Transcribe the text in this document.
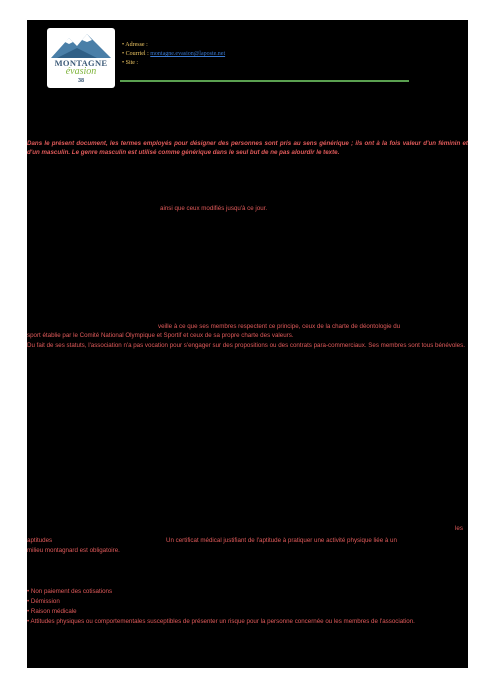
MONTAGNE
évasion
38
• Adresse :
• Courriel : montagne.evasion@laposte.net
• Site :
Dans le présent document, les termes employés pour désigner des personnes sont pris au sens générique ; ils ont à la fois valeur d'un féminin et d'un masculin. Le genre masculin est utilisé comme générique dans le seul but de ne pas alourdir le texte.
ainsi que ceux modifiés jusqu'à ce jour.
veille à ce que ses membres respectent ce principe, ceux de la charte de déontologie du
sport établie par le Comité National Olympique et Sportif et ceux de sa propre charte des valeurs.
Du fait de ses statuts, l'association n'a pas vocation pour s'engager sur des propositions ou des contrats para-commerciaux. Ses membres sont tous bénévoles.
les
aptitudes	Un certificat médical justifiant de l'aptitude à pratiquer une activité physique liée à un
milieu montagnard est obligatoire.
• Non paiement des cotisations
• Démission
• Raison médicale
• Attitudes physiques ou comportementales susceptibles de présenter un risque pour la personne concernée ou les membres de l'association.
